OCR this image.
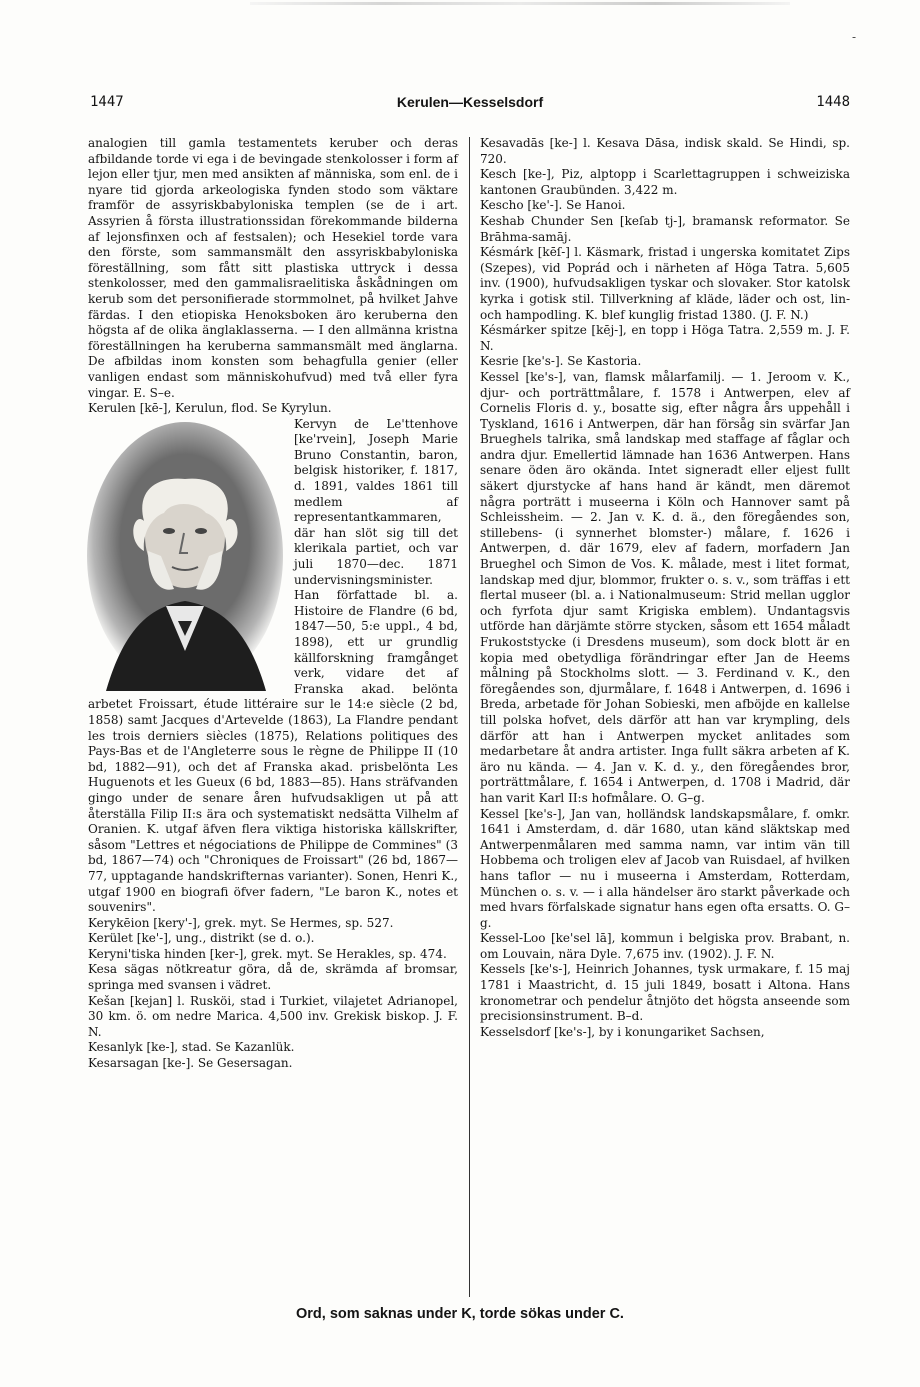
-
1447	Kerulen—Kesselsdorf	1448

analogien till gamla testamentets keruber och deras afbildande torde vi ega i de bevingade stenkolosser i form af lejon eller tjur, men med ansikten af människa, som enl. de i nyare tid gjorda arkeologiska fynden stodo som väktare framför de assyriskbabyloniska templen (se de i art. Assyrien å första illustrationssidan förekommande bilderna af lejonsfinxen och af festsalen); och Hesekiel torde vara den förste, som sammansmält den assyriskbabyloniska föreställning, som fått sitt plastiska uttryck i dessa stenkolosser, med den gammalisraelitiska åskådningen om kerub som det personifierade stormmolnet, på hvilket Jahve färdas. I den etiopiska Henoksboken äro keruberna den högsta af de olika änglaklasserna. — I den allmänna kristna föreställningen ha keruberna sammansmält med änglarna. De afbildas inom konsten som behagfulla genier (eller vanligen endast som människohufvud) med två eller fyra vingar. E. S–e.

Kerulen [kē-], Kerulun, flod. Se Kyrylun.

Kervyn de Le'ttenhove [ke'rvein], Joseph Marie Bruno Constantin, baron, belgisk historiker, f. 1817, d. 1891, valdes 1861 till medlem af representantkammaren, där han slöt sig till det klerikala partiet, och var juli 1870—dec. 1871 undervisningsminister. Han författade bl. a. Histoire de Flandre (6 bd, 1847—50, 5:e uppl., 4 bd, 1898), ett ur grundlig källforskning framgånget verk, vidare det af Franska akad. belönta arbetet Froissart, étude littéraire sur le 14:e siècle (2 bd, 1858) samt Jacques d'Artevelde (1863), La Flandre pendant les trois derniers siècles (1875), Relations politiques des Pays-Bas et de l'Angleterre sous le règne de Philippe II (10 bd, 1882—91), och det af Franska akad. prisbelönta Les Huguenots et les Gueux (6 bd, 1883—85). Hans sträfvanden gingo under de senare åren hufvudsakligen ut på att återställa Filip II:s ära och systematiskt nedsätta Vilhelm af Oranien. K. utgaf äfven flera viktiga historiska källskrifter, såsom "Lettres et négociations de Philippe de Commines" (3 bd, 1867—74) och "Chroniques de Froissart" (26 bd, 1867—77, upptagande handskrifternas varianter). Sonen, Henri K., utgaf 1900 en biografi öfver fadern, "Le baron K., notes et souvenirs".

Kerykēion [kery'-], grek. myt. Se Hermes, sp. 527.

Kerület [ke'-], ung., distrikt (se d. o.).

Keryni'tiska hinden [ker-], grek. myt. Se Herakles, sp. 474.

Kesa sägas nötkreatur göra, då de, skrämda af bromsar, springa med svansen i vädret.

Kešan [kejan] l. Rusköi, stad i Turkiet, vilajetet Adrianopel, 30 km. ö. om nedre Marica. 4,500 inv. Grekisk biskop. J. F. N.

Kesanlyk [ke-], stad. Se Kazanlük.

Kesarsagan [ke-]. Se Gesersagan.

Kesavadās [ke-] l. Kesava Dāsa, indisk skald. Se Hindi, sp. 720.

Kesch [ke-], Piz, alptopp i Scarlettagruppen i schweiziska kantonen Graubünden. 3,422 m.

Kescho [ke'-]. Se Hanoi.

Keshab Chunder Sen [keſab tj-], bramansk reformator. Se Brāhma-samāj.

Késmárk [kēſ-] l. Käsmark, fristad i ungerska komitatet Zips (Szepes), vid Poprád och i närheten af Höga Tatra. 5,605 inv. (1900), hufvudsakligen tyskar och slovaker. Stor katolsk kyrka i gotisk stil. Tillverkning af kläde, läder och ost, lin- och hampodling. K. blef kunglig fristad 1380. (J. F. N.)

Késmárker spitze [kēj-], en topp i Höga Tatra. 2,559 m. J. F. N.

Kesrie [ke's-]. Se Kastoria.

Kessel [ke's-], van, flamsk målarfamilj. — 1. Jeroom v. K., djur- och porträttmålare, f. 1578 i Antwerpen, elev af Cornelis Floris d. y., bosatte sig, efter några års uppehåll i Tyskland, 1616 i Antwerpen, där han försåg sin svärfar Jan Brueghels talrika, små landskap med staffage af fåglar och andra djur. Emellertid lämnade han 1636 Antwerpen. Hans senare öden äro okända. Intet signeradt eller eljest fullt säkert djurstycke af hans hand är kändt, men däremot några porträtt i museerna i Köln och Hannover samt på Schleissheim. — 2. Jan v. K. d. ä., den föregåendes son, stillebens- (i synnerhet blomster-) målare, f. 1626 i Antwerpen, d. där 1679, elev af fadern, morfadern Jan Brueghel och Simon de Vos. K. målade, mest i litet format, landskap med djur, blommor, frukter o. s. v., som träffas i ett flertal museer (bl. a. i Nationalmuseum: Strid mellan ugglor och fyrfota djur samt Krigiska emblem). Undantagsvis utförde han därjämte större stycken, såsom ett 1654 måladt Frukoststycke (i Dresdens museum), som dock blott är en kopia med obetydliga förändringar efter Jan de Heems målning på Stockholms slott. — 3. Ferdinand v. K., den föregåendes son, djurmålare, f. 1648 i Antwerpen, d. 1696 i Breda, arbetade för Johan Sobieski, men afböjde en kallelse till polska hofvet, dels därför att han var krympling, dels därför att han i Antwerpen mycket anlitades som medarbetare åt andra artister. Inga fullt säkra arbeten af K. äro nu kända. — 4. Jan v. K. d. y., den föregåendes bror, porträttmålare, f. 1654 i Antwerpen, d. 1708 i Madrid, där han varit Karl II:s hofmålare. O. G–g.

Kessel [ke's-], Jan van, holländsk landskapsmålare, f. omkr. 1641 i Amsterdam, d. där 1680, utan känd släktskap med Antwerpenmålaren med samma namn, var intim vän till Hobbema och troligen elev af Jacob van Ruisdael, af hvilken hans taflor — nu i museerna i Amsterdam, Rotterdam, München o. s. v. — i alla händelser äro starkt påverkade och med hvars förfalskade signatur hans egen ofta ersatts. O. G–g.

Kessel-Loo [ke'sel lā], kommun i belgiska prov. Brabant, n. om Louvain, nära Dyle. 7,675 inv. (1902). J. F. N.

Kessels [ke's-], Heinrich Johannes, tysk urmakare, f. 15 maj 1781 i Maastricht, d. 15 juli 1849, bosatt i Altona. Hans kronometrar och pendelur åtnjöto det högsta anseende som precisionsinstrument. B–d.

Kesselsdorf [ke's-], by i konungariket Sachsen,

Ord, som saknas under K, torde sökas under C.
